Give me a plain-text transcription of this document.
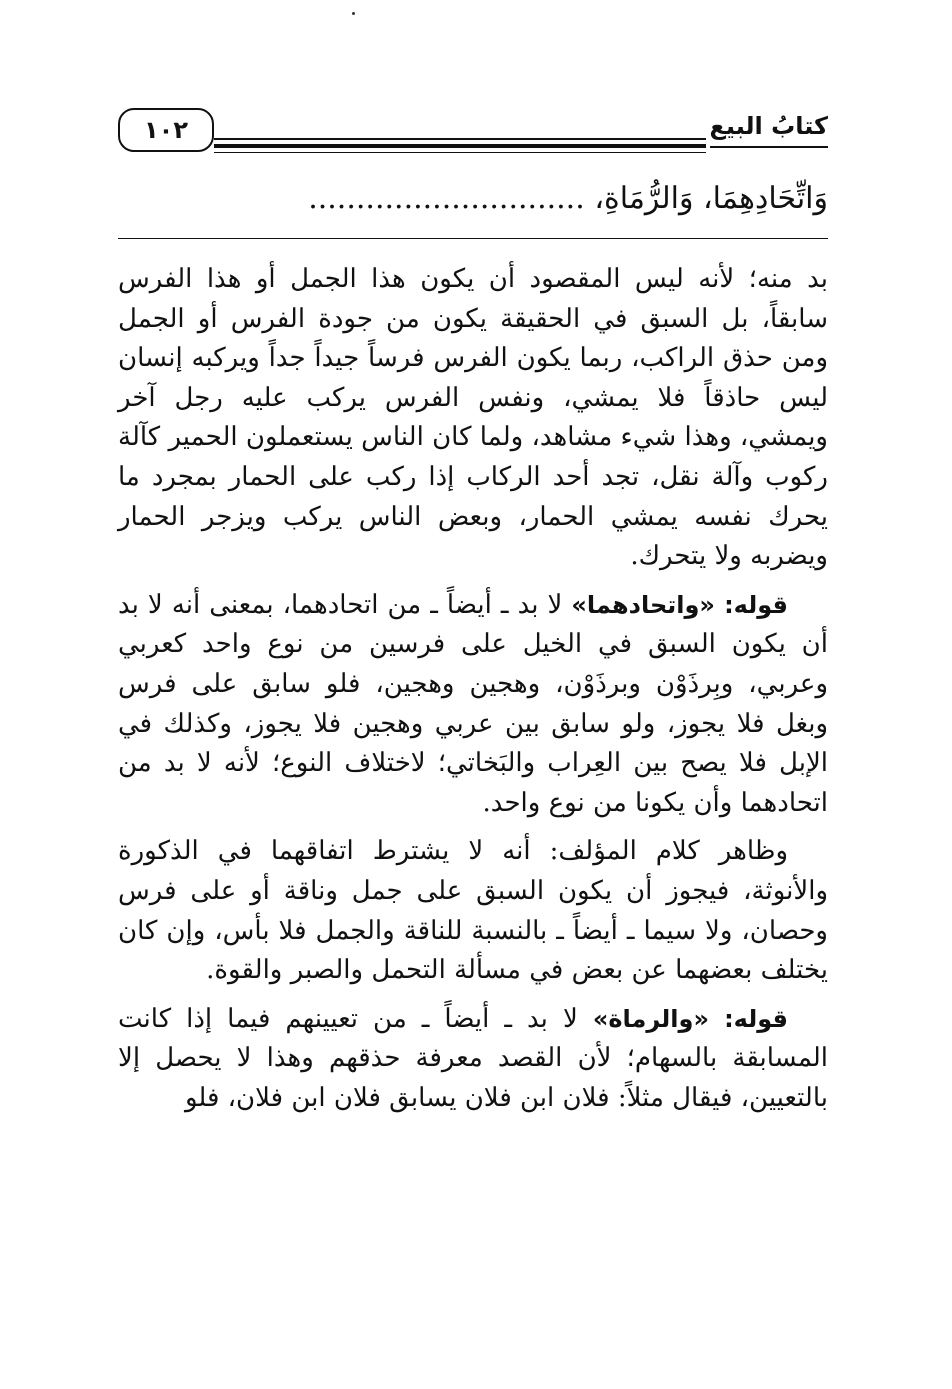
كتابُ البيع
١٠٢
وَاتِّحَادِهِمَا، وَالرُّمَاةِ، .............................

بد منه؛ لأنه ليس المقصود أن يكون هذا الجمل أو هذا الفرس سابقاً، بل السبق في الحقيقة يكون من جودة الفرس أو الجمل ومن حذق الراكب، ربما يكون الفرس فرساً جيداً جداً ويركبه إنسان ليس حاذقاً فلا يمشي، ونفس الفرس يركب عليه رجل آخر ويمشي، وهذا شيء مشاهد، ولما كان الناس يستعملون الحمير كآلة ركوب وآلة نقل، تجد أحد الركاب إذا ركب على الحمار بمجرد ما يحرك نفسه يمشي الحمار، وبعض الناس يركب ويزجر الحمار ويضربه ولا يتحرك.

قوله: «واتحادهما» لا بد ـ أيضاً ـ من اتحادهما، بمعنى أنه لا بد أن يكون السبق في الخيل على فرسين من نوع واحد كعربي وعربي، وبِرذَوْن وبرذَوْن، وهجين وهجين، فلو سابق على فرس وبغل فلا يجوز، ولو سابق بين عربي وهجين فلا يجوز، وكذلك في الإبل فلا يصح بين العِراب والبَخاتي؛ لاختلاف النوع؛ لأنه لا بد من اتحادهما وأن يكونا من نوع واحد.

وظاهر كلام المؤلف: أنه لا يشترط اتفاقهما في الذكورة والأنوثة، فيجوز أن يكون السبق على جمل وناقة أو على فرس وحصان، ولا سيما ـ أيضاً ـ بالنسبة للناقة والجمل فلا بأس، وإن كان يختلف بعضهما عن بعض في مسألة التحمل والصبر والقوة.

قوله: «والرماة» لا بد ـ أيضاً ـ من تعيينهم فيما إذا كانت المسابقة بالسهام؛ لأن القصد معرفة حذقهم وهذا لا يحصل إلا بالتعيين، فيقال مثلاً: فلان ابن فلان يسابق فلان ابن فلان، فلو
